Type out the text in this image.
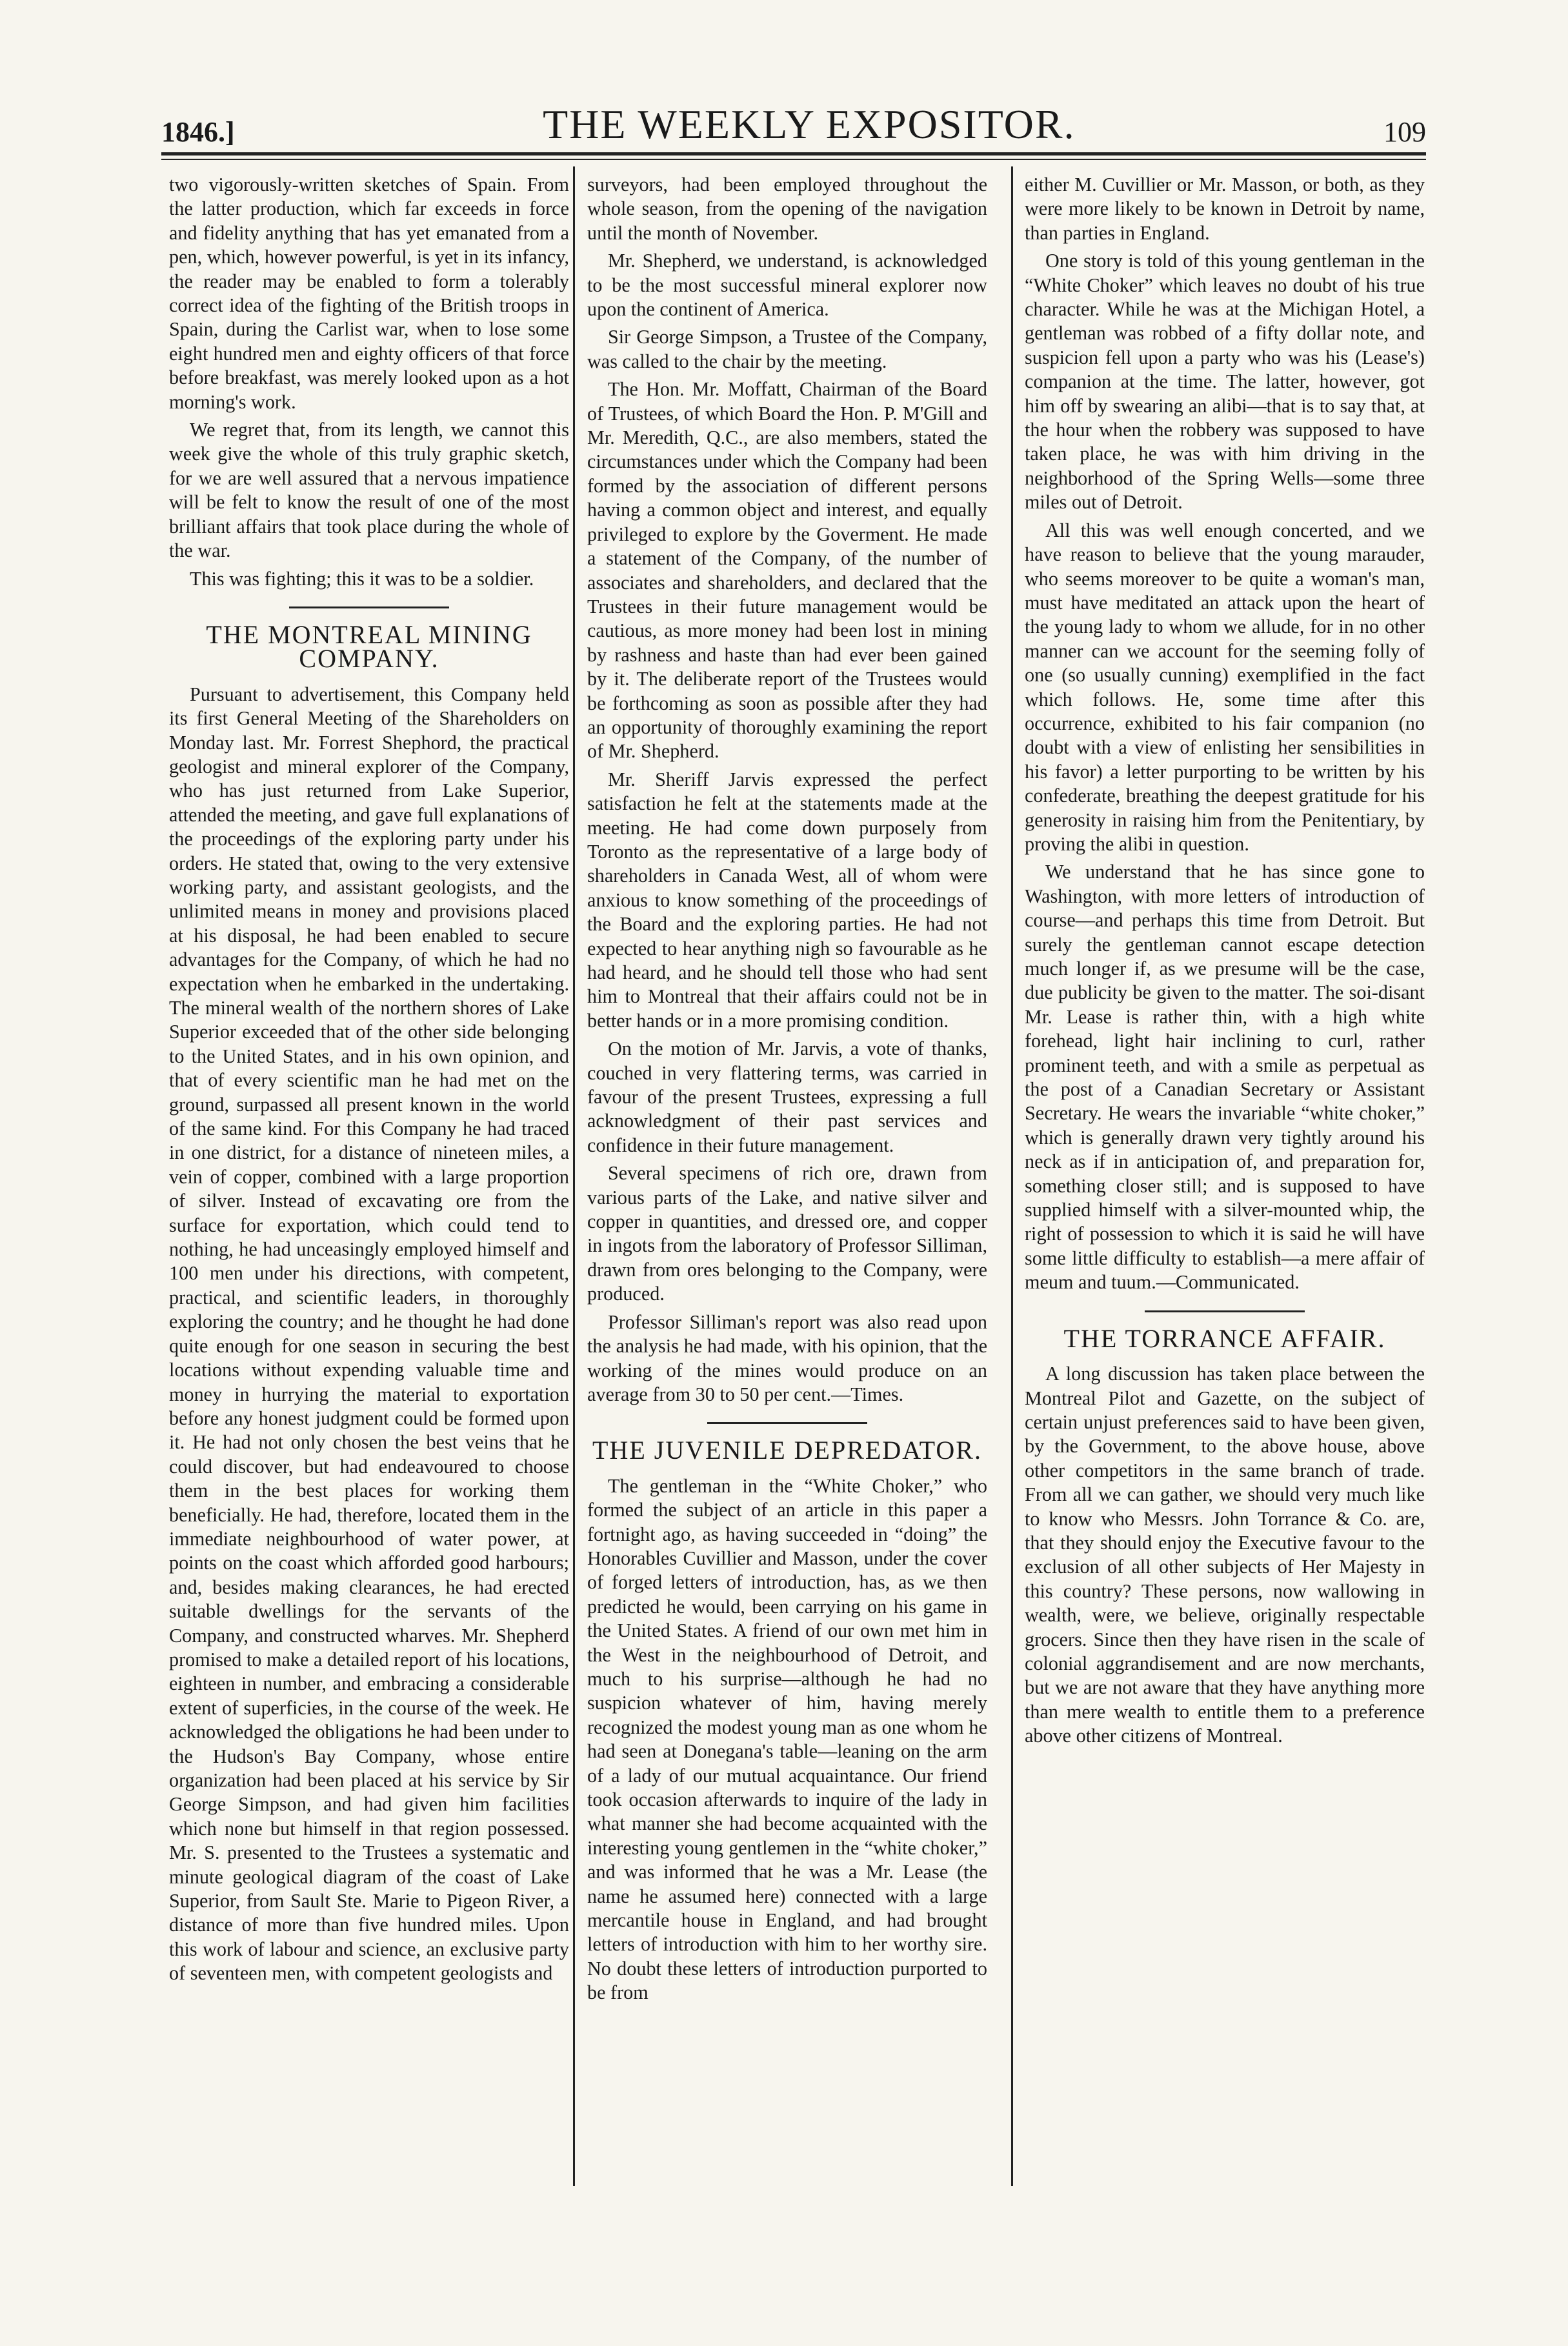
1846.]	THE WEEKLY EXPOSITOR.	109

two vigorously-written sketches of Spain. From the latter production, which far exceeds in force and fidelity anything that has yet emanated from a pen, which, however powerful, is yet in its infancy, the reader may be enabled to form a tolerably correct idea of the fighting of the British troops in Spain, during the Carlist war, when to lose some eight hundred men and eighty officers of that force before breakfast, was merely looked upon as a hot morning's work.

We regret that, from its length, we cannot this week give the whole of this truly graphic sketch, for we are well assured that a nervous impatience will be felt to know the result of one of the most brilliant affairs that took place during the whole of the war.

This was fighting; this it was to be a soldier.

THE MONTREAL MINING COMPANY.

Pursuant to advertisement, this Company held its first General Meeting of the Shareholders on Monday last. Mr. Forrest Shephord, the practical geologist and mineral explorer of the Company, who has just returned from Lake Superior, attended the meeting, and gave full explanations of the proceedings of the exploring party under his orders. He stated that, owing to the very extensive working party, and assistant geologists, and the unlimited means in money and provisions placed at his disposal, he had been enabled to secure advantages for the Company, of which he had no expectation when he embarked in the undertaking. The mineral wealth of the northern shores of Lake Superior exceeded that of the other side belonging to the United States, and in his own opinion, and that of every scientific man he had met on the ground, surpassed all present known in the world of the same kind. For this Company he had traced in one district, for a distance of nineteen miles, a vein of copper, combined with a large proportion of silver. Instead of excavating ore from the surface for exportation, which could tend to nothing, he had unceasingly employed himself and 100 men under his directions, with competent, practical, and scientific leaders, in thoroughly exploring the country; and he thought he had done quite enough for one season in securing the best locations without expending valuable time and money in hurrying the material to exportation before any honest judgment could be formed upon it. He had not only chosen the best veins that he could discover, but had endeavoured to choose them in the best places for working them beneficially. He had, therefore, located them in the immediate neighbourhood of water power, at points on the coast which afforded good harbours; and, besides making clearances, he had erected suitable dwellings for the servants of the Company, and constructed wharves. Mr. Shepherd promised to make a detailed report of his locations, eighteen in number, and embracing a considerable extent of superficies, in the course of the week. He acknowledged the obligations he had been under to the Hudson's Bay Company, whose entire organization had been placed at his service by Sir George Simpson, and had given him facilities which none but himself in that region possessed. Mr. S. presented to the Trustees a systematic and minute geological diagram of the coast of Lake Superior, from Sault Ste. Marie to Pigeon River, a distance of more than five hundred miles. Upon this work of labour and science, an exclusive party of seventeen men, with competent geologists and

surveyors, had been employed throughout the whole season, from the opening of the navigation until the month of November.

Mr. Shepherd, we understand, is acknowledged to be the most successful mineral explorer now upon the continent of America.

Sir George Simpson, a Trustee of the Company, was called to the chair by the meeting.

The Hon. Mr. Moffatt, Chairman of the Board of Trustees, of which Board the Hon. P. M'Gill and Mr. Meredith, Q.C., are also members, stated the circumstances under which the Company had been formed by the association of different persons having a common object and interest, and equally privileged to explore by the Goverment. He made a statement of the Company, of the number of associates and shareholders, and declared that the Trustees in their future management would be cautious, as more money had been lost in mining by rashness and haste than had ever been gained by it. The deliberate report of the Trustees would be forthcoming as soon as possible after they had an opportunity of thoroughly examining the report of Mr. Shepherd.

Mr. Sheriff Jarvis expressed the perfect satisfaction he felt at the statements made at the meeting. He had come down purposely from Toronto as the representative of a large body of shareholders in Canada West, all of whom were anxious to know something of the proceedings of the Board and the exploring parties. He had not expected to hear anything nigh so favourable as he had heard, and he should tell those who had sent him to Montreal that their affairs could not be in better hands or in a more promising condition.

On the motion of Mr. Jarvis, a vote of thanks, couched in very flattering terms, was carried in favour of the present Trustees, expressing a full acknowledgment of their past services and confidence in their future management.

Several specimens of rich ore, drawn from various parts of the Lake, and native silver and copper in quantities, and dressed ore, and copper in ingots from the laboratory of Professor Silliman, drawn from ores belonging to the Company, were produced.

Professor Silliman's report was also read upon the analysis he had made, with his opinion, that the working of the mines would produce on an average from 30 to 50 per cent.—Times.

THE JUVENILE DEPREDATOR.

The gentleman in the “White Choker,” who formed the subject of an article in this paper a fortnight ago, as having succeeded in “doing” the Honorables Cuvillier and Masson, under the cover of forged letters of introduction, has, as we then predicted he would, been carrying on his game in the United States. A friend of our own met him in the West in the neighbourhood of Detroit, and much to his surprise—although he had no suspicion whatever of him, having merely recognized the modest young man as one whom he had seen at Donegana's table—leaning on the arm of a lady of our mutual acquaintance. Our friend took occasion afterwards to inquire of the lady in what manner she had become acquainted with the interesting young gentlemen in the “white choker,” and was informed that he was a Mr. Lease (the name he assumed here) connected with a large mercantile house in England, and had brought letters of introduction with him to her worthy sire. No doubt these letters of introduction purported to be from

either M. Cuvillier or Mr. Masson, or both, as they were more likely to be known in Detroit by name, than parties in England.

One story is told of this young gentleman in the “White Choker” which leaves no doubt of his true character. While he was at the Michigan Hotel, a gentleman was robbed of a fifty dollar note, and suspicion fell upon a party who was his (Lease's) companion at the time. The latter, however, got him off by swearing an alibi—that is to say that, at the hour when the robbery was supposed to have taken place, he was with him driving in the neighborhood of the Spring Wells—some three miles out of Detroit.

All this was well enough concerted, and we have reason to believe that the young marauder, who seems moreover to be quite a woman's man, must have meditated an attack upon the heart of the young lady to whom we allude, for in no other manner can we account for the seeming folly of one (so usually cunning) exemplified in the fact which follows. He, some time after this occurrence, exhibited to his fair companion (no doubt with a view of enlisting her sensibilities in his favor) a letter purporting to be written by his confederate, breathing the deepest gratitude for his generosity in raising him from the Penitentiary, by proving the alibi in question.

We understand that he has since gone to Washington, with more letters of introduction of course—and perhaps this time from Detroit. But surely the gentleman cannot escape detection much longer if, as we presume will be the case, due publicity be given to the matter. The soi-disant Mr. Lease is rather thin, with a high white forehead, light hair inclining to curl, rather prominent teeth, and with a smile as perpetual as the post of a Canadian Secretary or Assistant Secretary. He wears the invariable “white choker,” which is generally drawn very tightly around his neck as if in anticipation of, and preparation for, something closer still; and is supposed to have supplied himself with a silver-mounted whip, the right of possession to which it is said he will have some little difficulty to establish—a mere affair of meum and tuum.—Communicated.

THE TORRANCE AFFAIR.

A long discussion has taken place between the Montreal Pilot and Gazette, on the subject of certain unjust preferences said to have been given, by the Government, to the above house, above other competitors in the same branch of trade. From all we can gather, we should very much like to know who Messrs. John Torrance & Co. are, that they should enjoy the Executive favour to the exclusion of all other subjects of Her Majesty in this country? These persons, now wallowing in wealth, were, we believe, originally respectable grocers. Since then they have risen in the scale of colonial aggrandisement and are now merchants, but we are not aware that they have anything more than mere wealth to entitle them to a preference above other citizens of Montreal.
